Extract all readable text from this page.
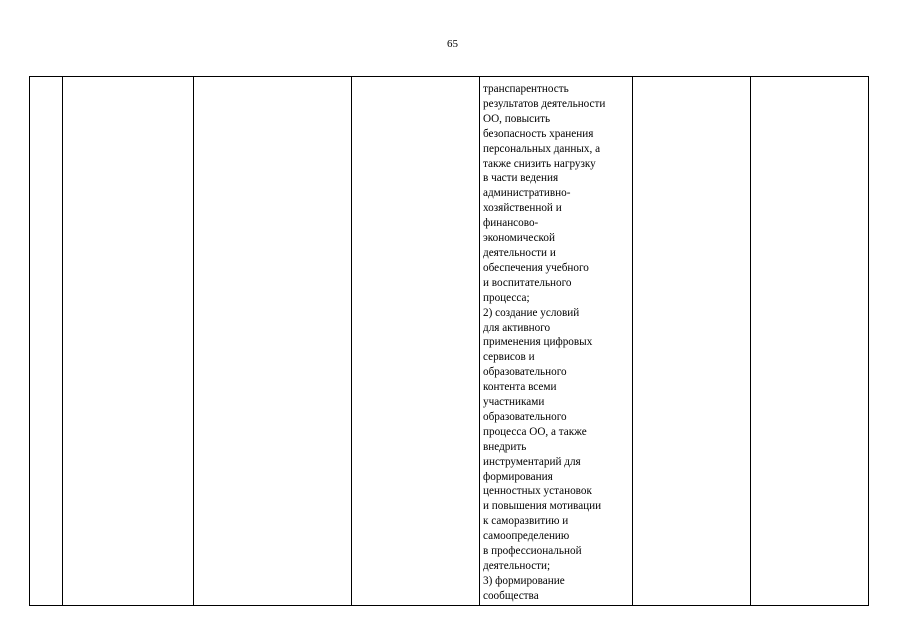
65

транспарентность
результатов деятельности
ОО, повысить
безопасность хранения
персональных данных, а
также снизить нагрузку
в части ведения
административно-
хозяйственной и
финансово-
экономической
деятельности и
обеспечения учебного
и воспитательного
процесса;
2) создание условий
для активного
применения цифровых
сервисов и
образовательного
контента всеми
участниками
образовательного
процесса ОО, а также
внедрить
инструментарий для
формирования
ценностных установок
и повышения мотивации
к саморазвитию и
самоопределению
в профессиональной
деятельности;
3) формирование
сообщества
